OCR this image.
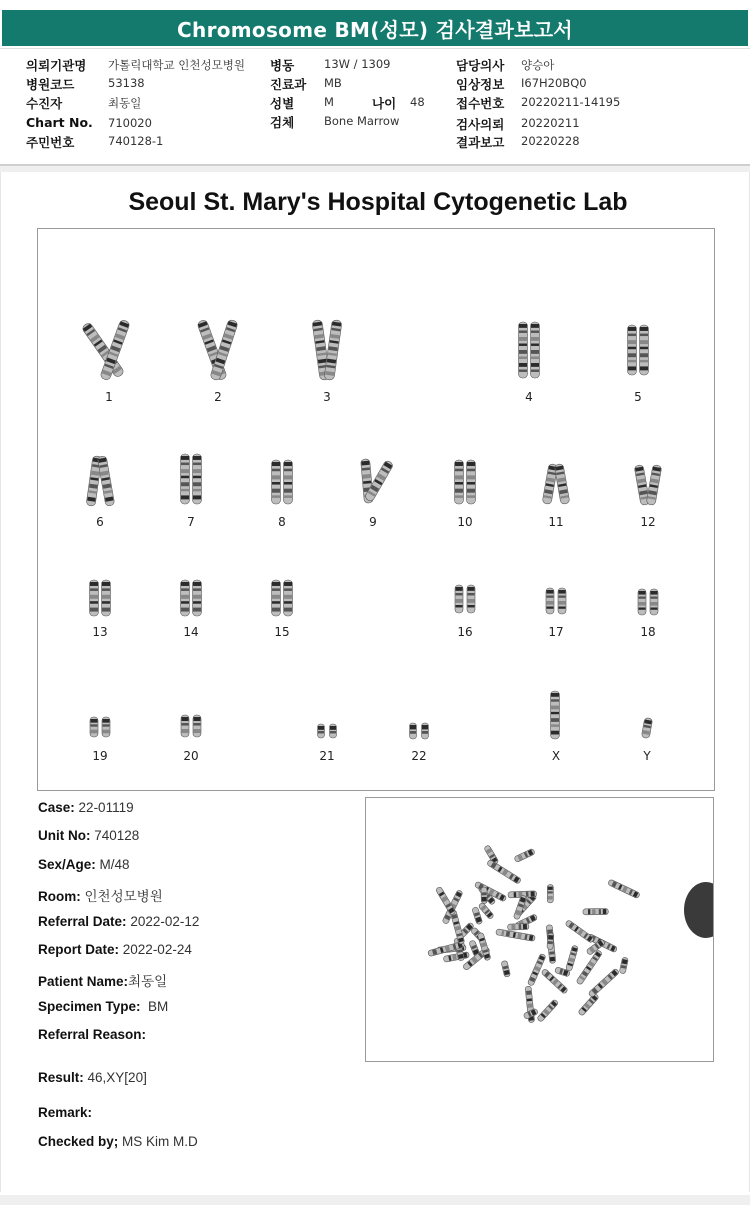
Chromosome BM(성모) 검사결과보고서
의뢰기관명 가톨릭대학교 인천성모병원
병원코드	53138
수진자	최동일
Chart No. 710020
주민번호	740128-1
병동	13W / 1309
진료과 MB
성별	M	나이 48
검체	Bone Marrow
담당의사 양승아
임상정보 I67H20BQ0
접수번호 20220211-14195
검사의뢰 20220211
결과보고 20220228
Seoul St. Mary's Hospital Cytogenetic Lab
1	2	3	4	5
6	7	8	9	10	11	12
13	14	15	16	17	18
19	20	21	22	X	Y
Case: 22-01119
Unit No: 740128
Sex/Age: M/48
Room: 인천성모병원
Referral Date: 2022-02-12
Report Date: 2022-02-24
Patient Name:최동일
Specimen Type: BM
Referral Reason:
Result: 46,XY[20]
Remark:
Checked by; MS Kim M.D
